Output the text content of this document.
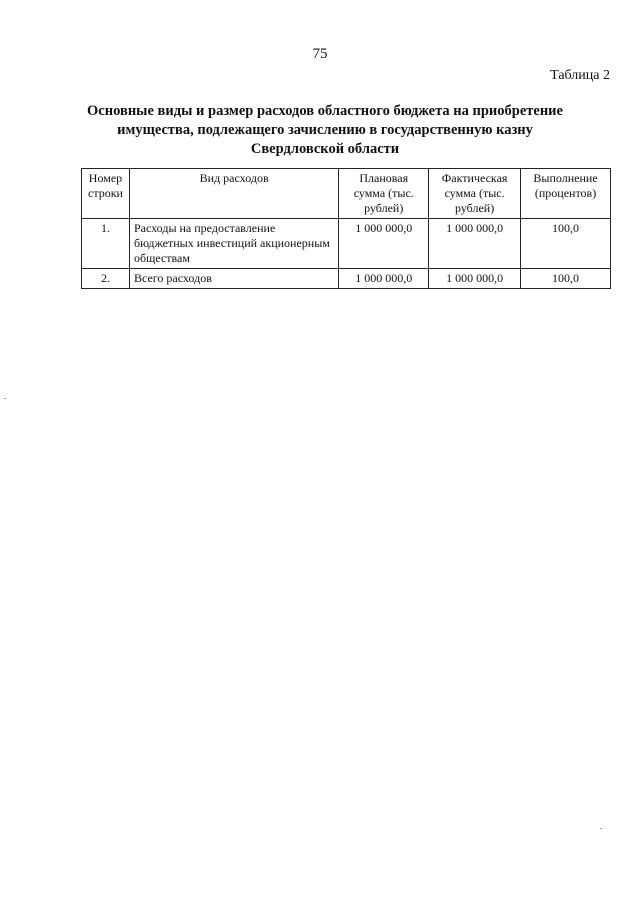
75
Таблица 2
Основные виды и размер расходов областного бюджета на приобретение
имущества, подлежащего зачислению в государственную казну
Свердловской области
Номер строки	Вид расходов	Плановая сумма (тыс. рублей)	Фактическая сумма (тыс. рублей)	Выполнение (процентов)
1.	Расходы на предоставление бюджетных инвестиций акционерным обществам	1 000 000,0	1 000 000,0	100,0
2.	Всего расходов	1 000 000,0	1 000 000,0	100,0
